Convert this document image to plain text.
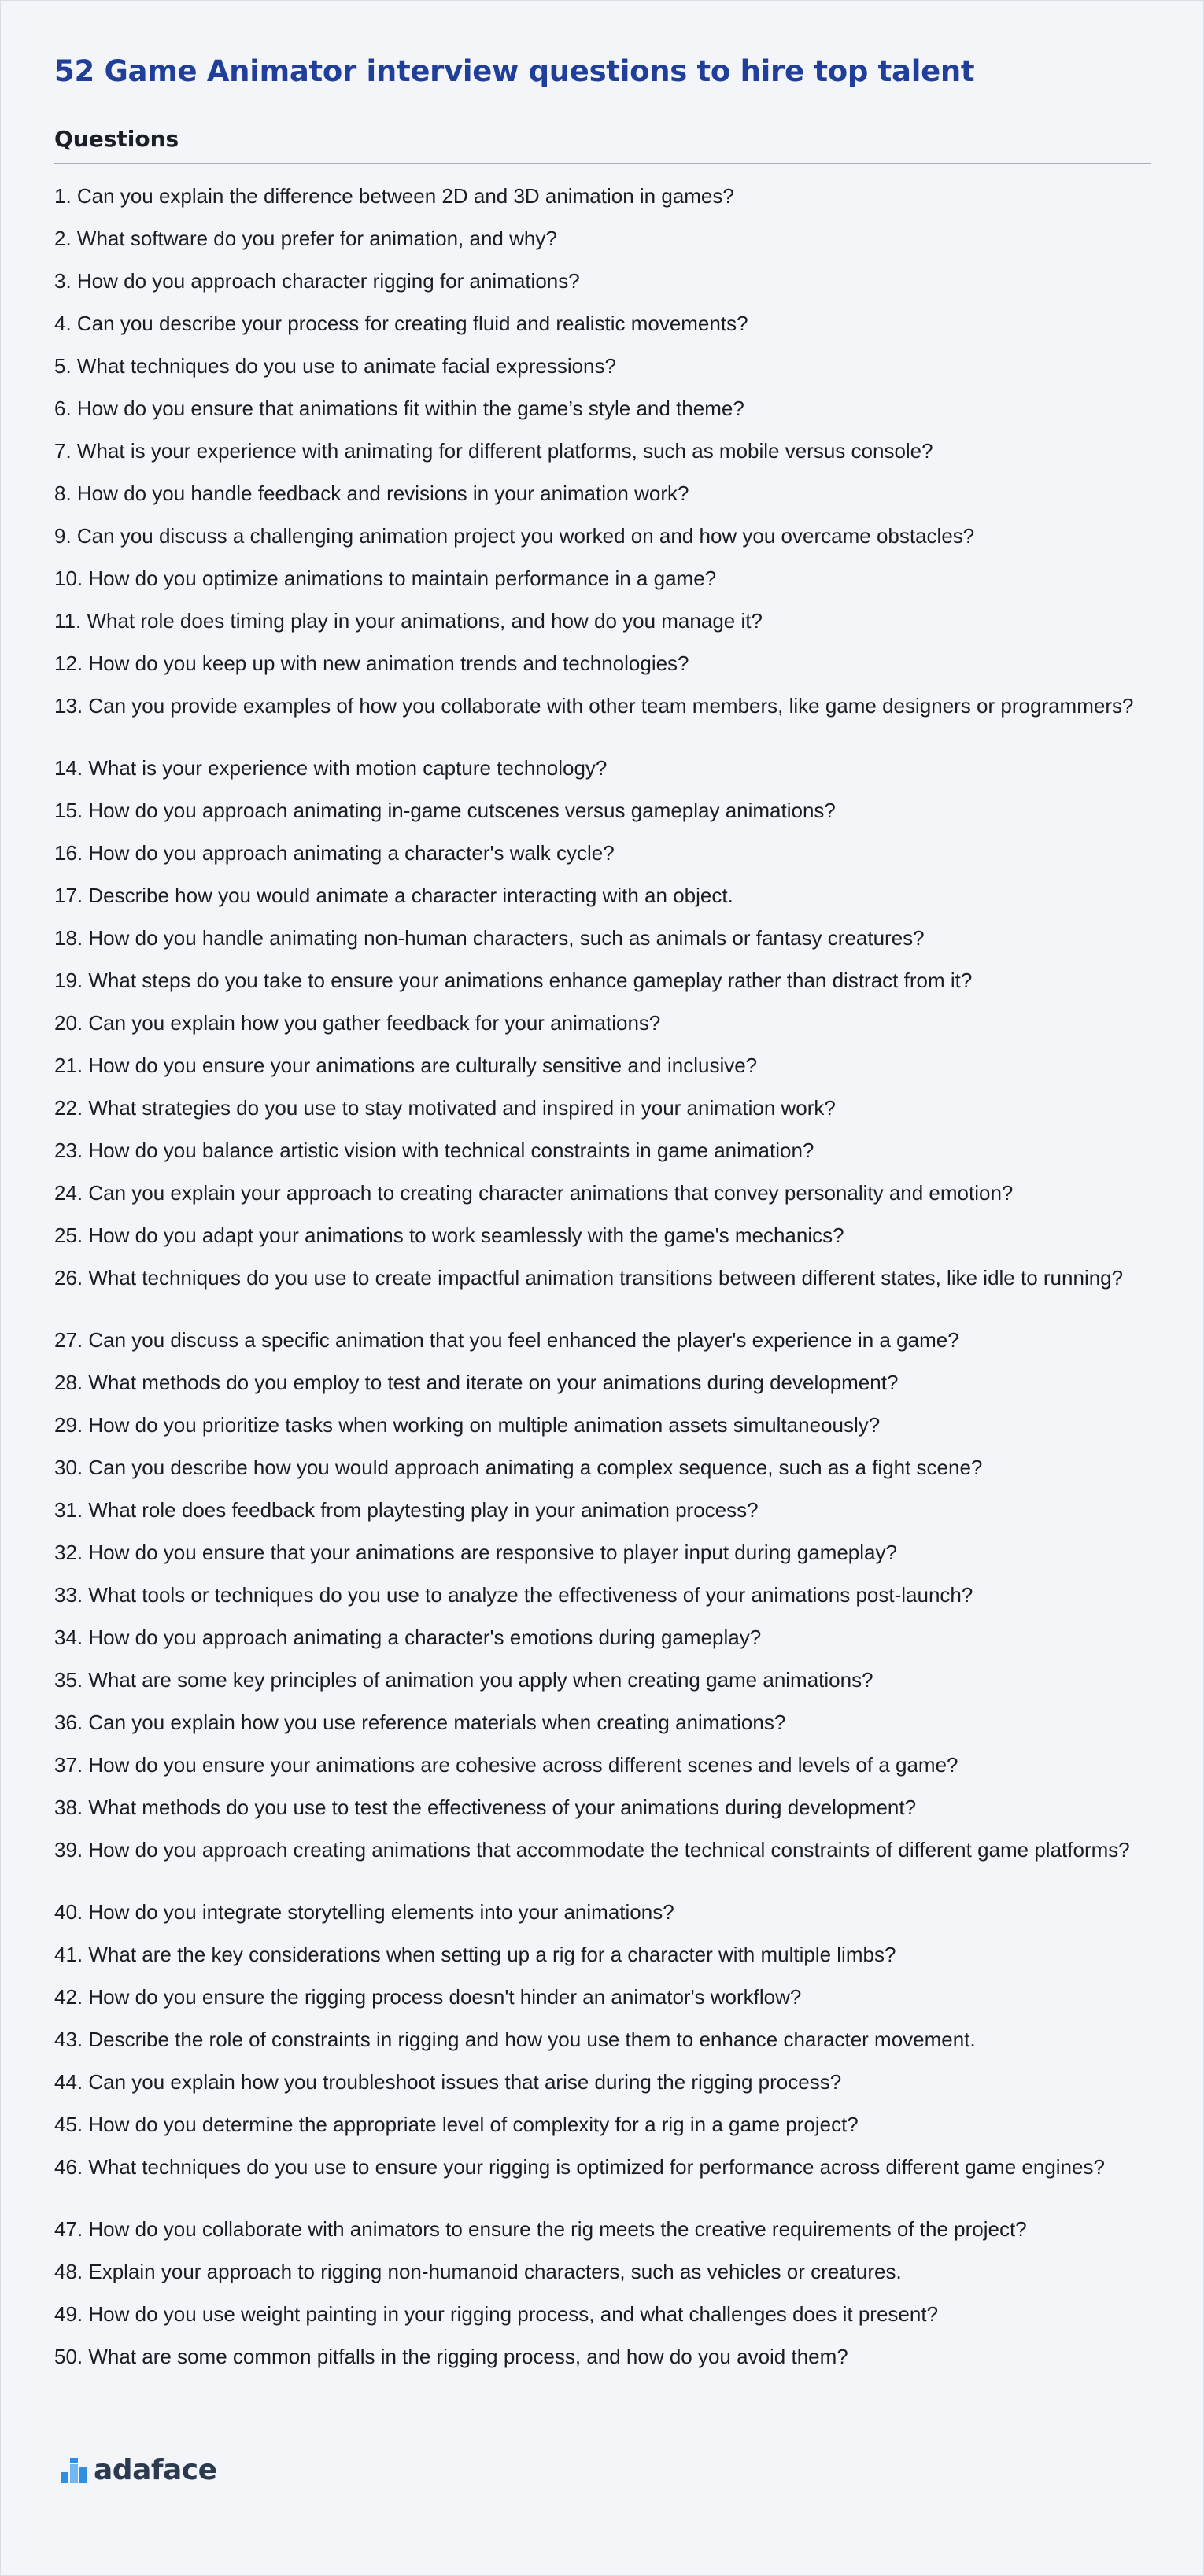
52 Game Animator interview questions to hire top talent
Questions
1. Can you explain the difference between 2D and 3D animation in games?
2. What software do you prefer for animation, and why?
3. How do you approach character rigging for animations?
4. Can you describe your process for creating fluid and realistic movements?
5. What techniques do you use to animate facial expressions?
6. How do you ensure that animations fit within the game’s style and theme?
7. What is your experience with animating for different platforms, such as mobile versus console?
8. How do you handle feedback and revisions in your animation work?
9. Can you discuss a challenging animation project you worked on and how you overcame obstacles?
10. How do you optimize animations to maintain performance in a game?
11. What role does timing play in your animations, and how do you manage it?
12. How do you keep up with new animation trends and technologies?
13. Can you provide examples of how you collaborate with other team members, like game designers or programmers?
14. What is your experience with motion capture technology?
15. How do you approach animating in-game cutscenes versus gameplay animations?
16. How do you approach animating a character's walk cycle?
17. Describe how you would animate a character interacting with an object.
18. How do you handle animating non-human characters, such as animals or fantasy creatures?
19. What steps do you take to ensure your animations enhance gameplay rather than distract from it?
20. Can you explain how you gather feedback for your animations?
21. How do you ensure your animations are culturally sensitive and inclusive?
22. What strategies do you use to stay motivated and inspired in your animation work?
23. How do you balance artistic vision with technical constraints in game animation?
24. Can you explain your approach to creating character animations that convey personality and emotion?
25. How do you adapt your animations to work seamlessly with the game's mechanics?
26. What techniques do you use to create impactful animation transitions between different states, like idle to running?
27. Can you discuss a specific animation that you feel enhanced the player's experience in a game?
28. What methods do you employ to test and iterate on your animations during development?
29. How do you prioritize tasks when working on multiple animation assets simultaneously?
30. Can you describe how you would approach animating a complex sequence, such as a fight scene?
31. What role does feedback from playtesting play in your animation process?
32. How do you ensure that your animations are responsive to player input during gameplay?
33. What tools or techniques do you use to analyze the effectiveness of your animations post-launch?
34. How do you approach animating a character's emotions during gameplay?
35. What are some key principles of animation you apply when creating game animations?
36. Can you explain how you use reference materials when creating animations?
37. How do you ensure your animations are cohesive across different scenes and levels of a game?
38. What methods do you use to test the effectiveness of your animations during development?
39. How do you approach creating animations that accommodate the technical constraints of different game platforms?
40. How do you integrate storytelling elements into your animations?
41. What are the key considerations when setting up a rig for a character with multiple limbs?
42. How do you ensure the rigging process doesn't hinder an animator's workflow?
43. Describe the role of constraints in rigging and how you use them to enhance character movement.
44. Can you explain how you troubleshoot issues that arise during the rigging process?
45. How do you determine the appropriate level of complexity for a rig in a game project?
46. What techniques do you use to ensure your rigging is optimized for performance across different game engines?
47. How do you collaborate with animators to ensure the rig meets the creative requirements of the project?
48. Explain your approach to rigging non-humanoid characters, such as vehicles or creatures.
49. How do you use weight painting in your rigging process, and what challenges does it present?
50. What are some common pitfalls in the rigging process, and how do you avoid them?
adaface
